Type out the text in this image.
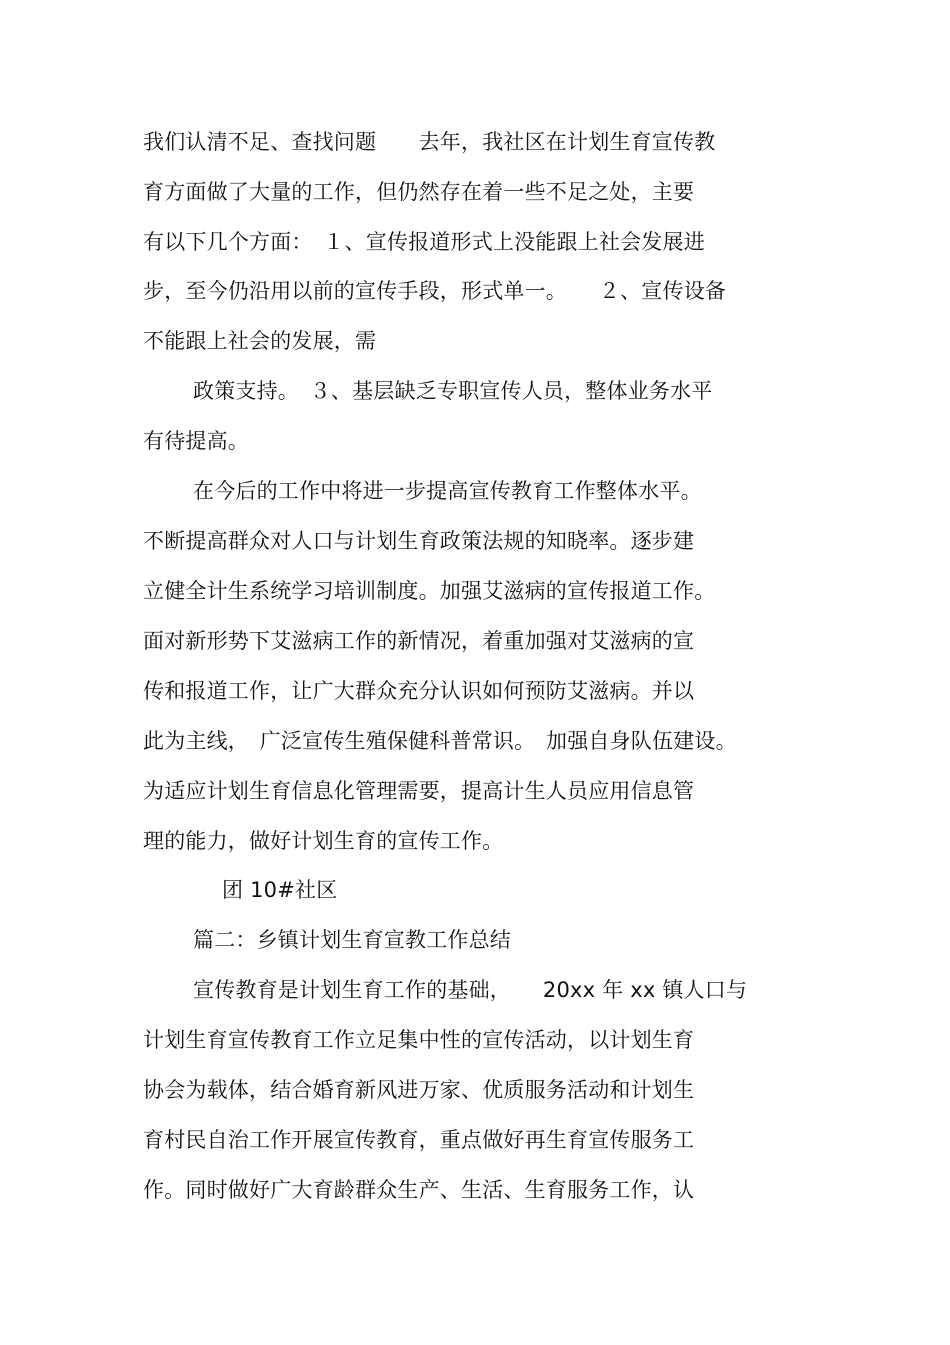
我们认清不足、查找问题　　去年，我社区在计划生育宣传教
育方面做了大量的工作，但仍然存在着一些不足之处，主要
有以下几个方面：　１、宣传报道形式上没能跟上社会发展进
步，至今仍沿用以前的宣传手段，形式单一。　　２、宣传设备
不能跟上社会的发展，需
政策支持。　３、基层缺乏专职宣传人员，整体业务水平
有待提高。
在今后的工作中将进一步提高宣传教育工作整体水平。
不断提高群众对人口与计划生育政策法规的知晓率。逐步建
立健全计生系统学习培训制度。加强艾滋病的宣传报道工作。
面对新形势下艾滋病工作的新情况，着重加强对艾滋病的宣
传和报道工作，让广大群众充分认识如何预防艾滋病。并以
此为主线，　广泛宣传生殖保健科普常识。　加强自身队伍建设。
为适应计划生育信息化管理需要，提高计生人员应用信息管
理的能力，做好计划生育的宣传工作。
团 10#社区
篇二：乡镇计划生育宣教工作总结
宣传教育是计划生育工作的基础，　　20xx 年 xx 镇人口与
计划生育宣传教育工作立足集中性的宣传活动，以计划生育
协会为载体，结合婚育新风进万家、优质服务活动和计划生
育村民自治工作开展宣传教育，重点做好再生育宣传服务工
作。同时做好广大育龄群众生产、生活、生育服务工作，认
